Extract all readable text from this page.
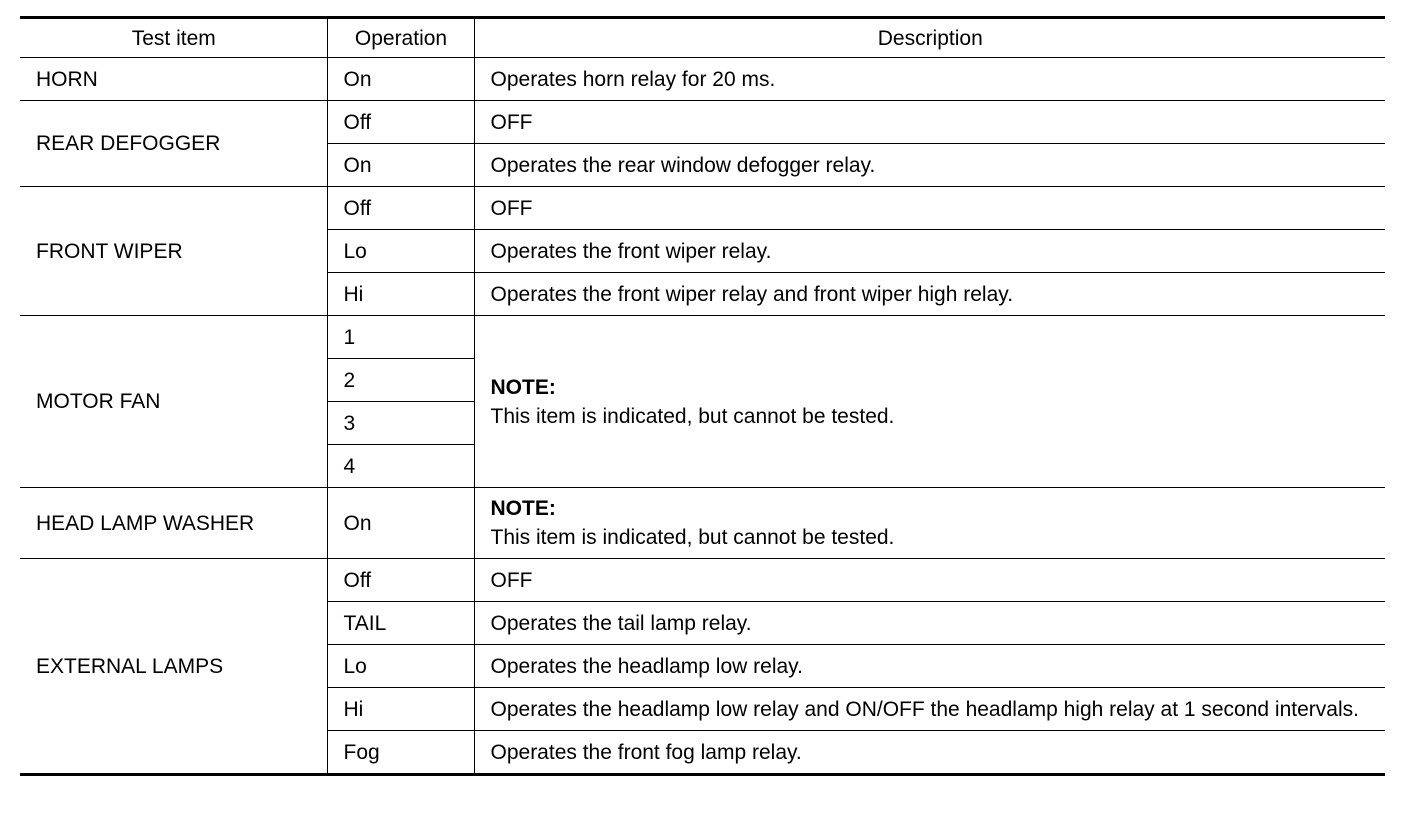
Test item	Operation	Description
HORN	On	Operates horn relay for 20 ms.
REAR DEFOGGER	Off	OFF
	On	Operates the rear window defogger relay.
FRONT WIPER	Off	OFF
	Lo	Operates the front wiper relay.
	Hi	Operates the front wiper relay and front wiper high relay.
MOTOR FAN	1	NOTE:
This item is indicated, but cannot be tested.

	2	
	3	
	4	
HEAD LAMP WASHER	On	NOTE:
This item is indicated, but cannot be tested.

EXTERNAL LAMPS	Off	OFF
	TAIL	Operates the tail lamp relay.
	Lo	Operates the headlamp low relay.
	Hi	Operates the headlamp low relay and ON/OFF the headlamp high relay at 1 second intervals.
	Fog	Operates the front fog lamp relay.
